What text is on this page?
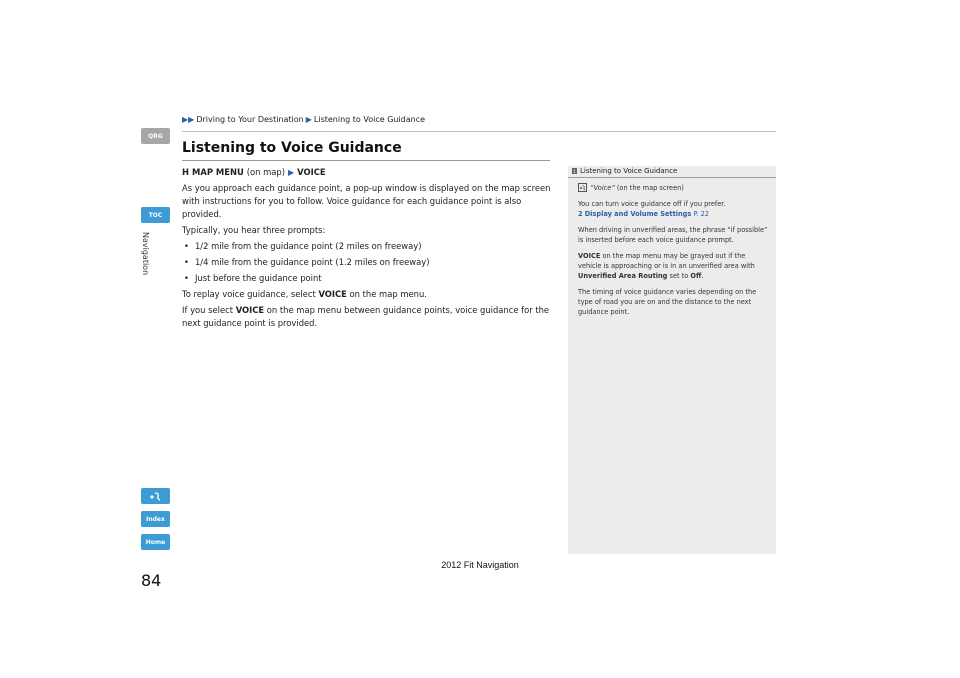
▶▶ Driving to Your Destination ▶ Listening to Voice Guidance
QRG
TOC
Navigation
Index
Home
Listening to Voice Guidance
H MAP MENU (on map) ▶ VOICE

As you approach each guidance point, a pop-up window is displayed on the map screen with instructions for you to follow. Voice guidance for each guidance point is also provided.

Typically, you hear three prompts:

• 1/2 mile from the guidance point (2 miles on freeway)
• 1/4 mile from the guidance point (1.2 miles on freeway)
• Just before the guidance point

To replay voice guidance, select VOICE on the map menu.

If you select VOICE on the map menu between guidance points, voice guidance for the next guidance point is provided.

1 Listening to Voice Guidance

“Voice” (on the map screen)

You can turn voice guidance off if you prefer.

2 Display and Volume Settings P. 22

When driving in unverified areas, the phrase “if possible” is inserted before each voice guidance prompt.

VOICE on the map menu may be grayed out if the vehicle is approaching or is in an unverified area with Unverified Area Routing set to Off.

The timing of voice guidance varies depending on the type of road you are on and the distance to the next guidance point.

84
2012 Fit Navigation
